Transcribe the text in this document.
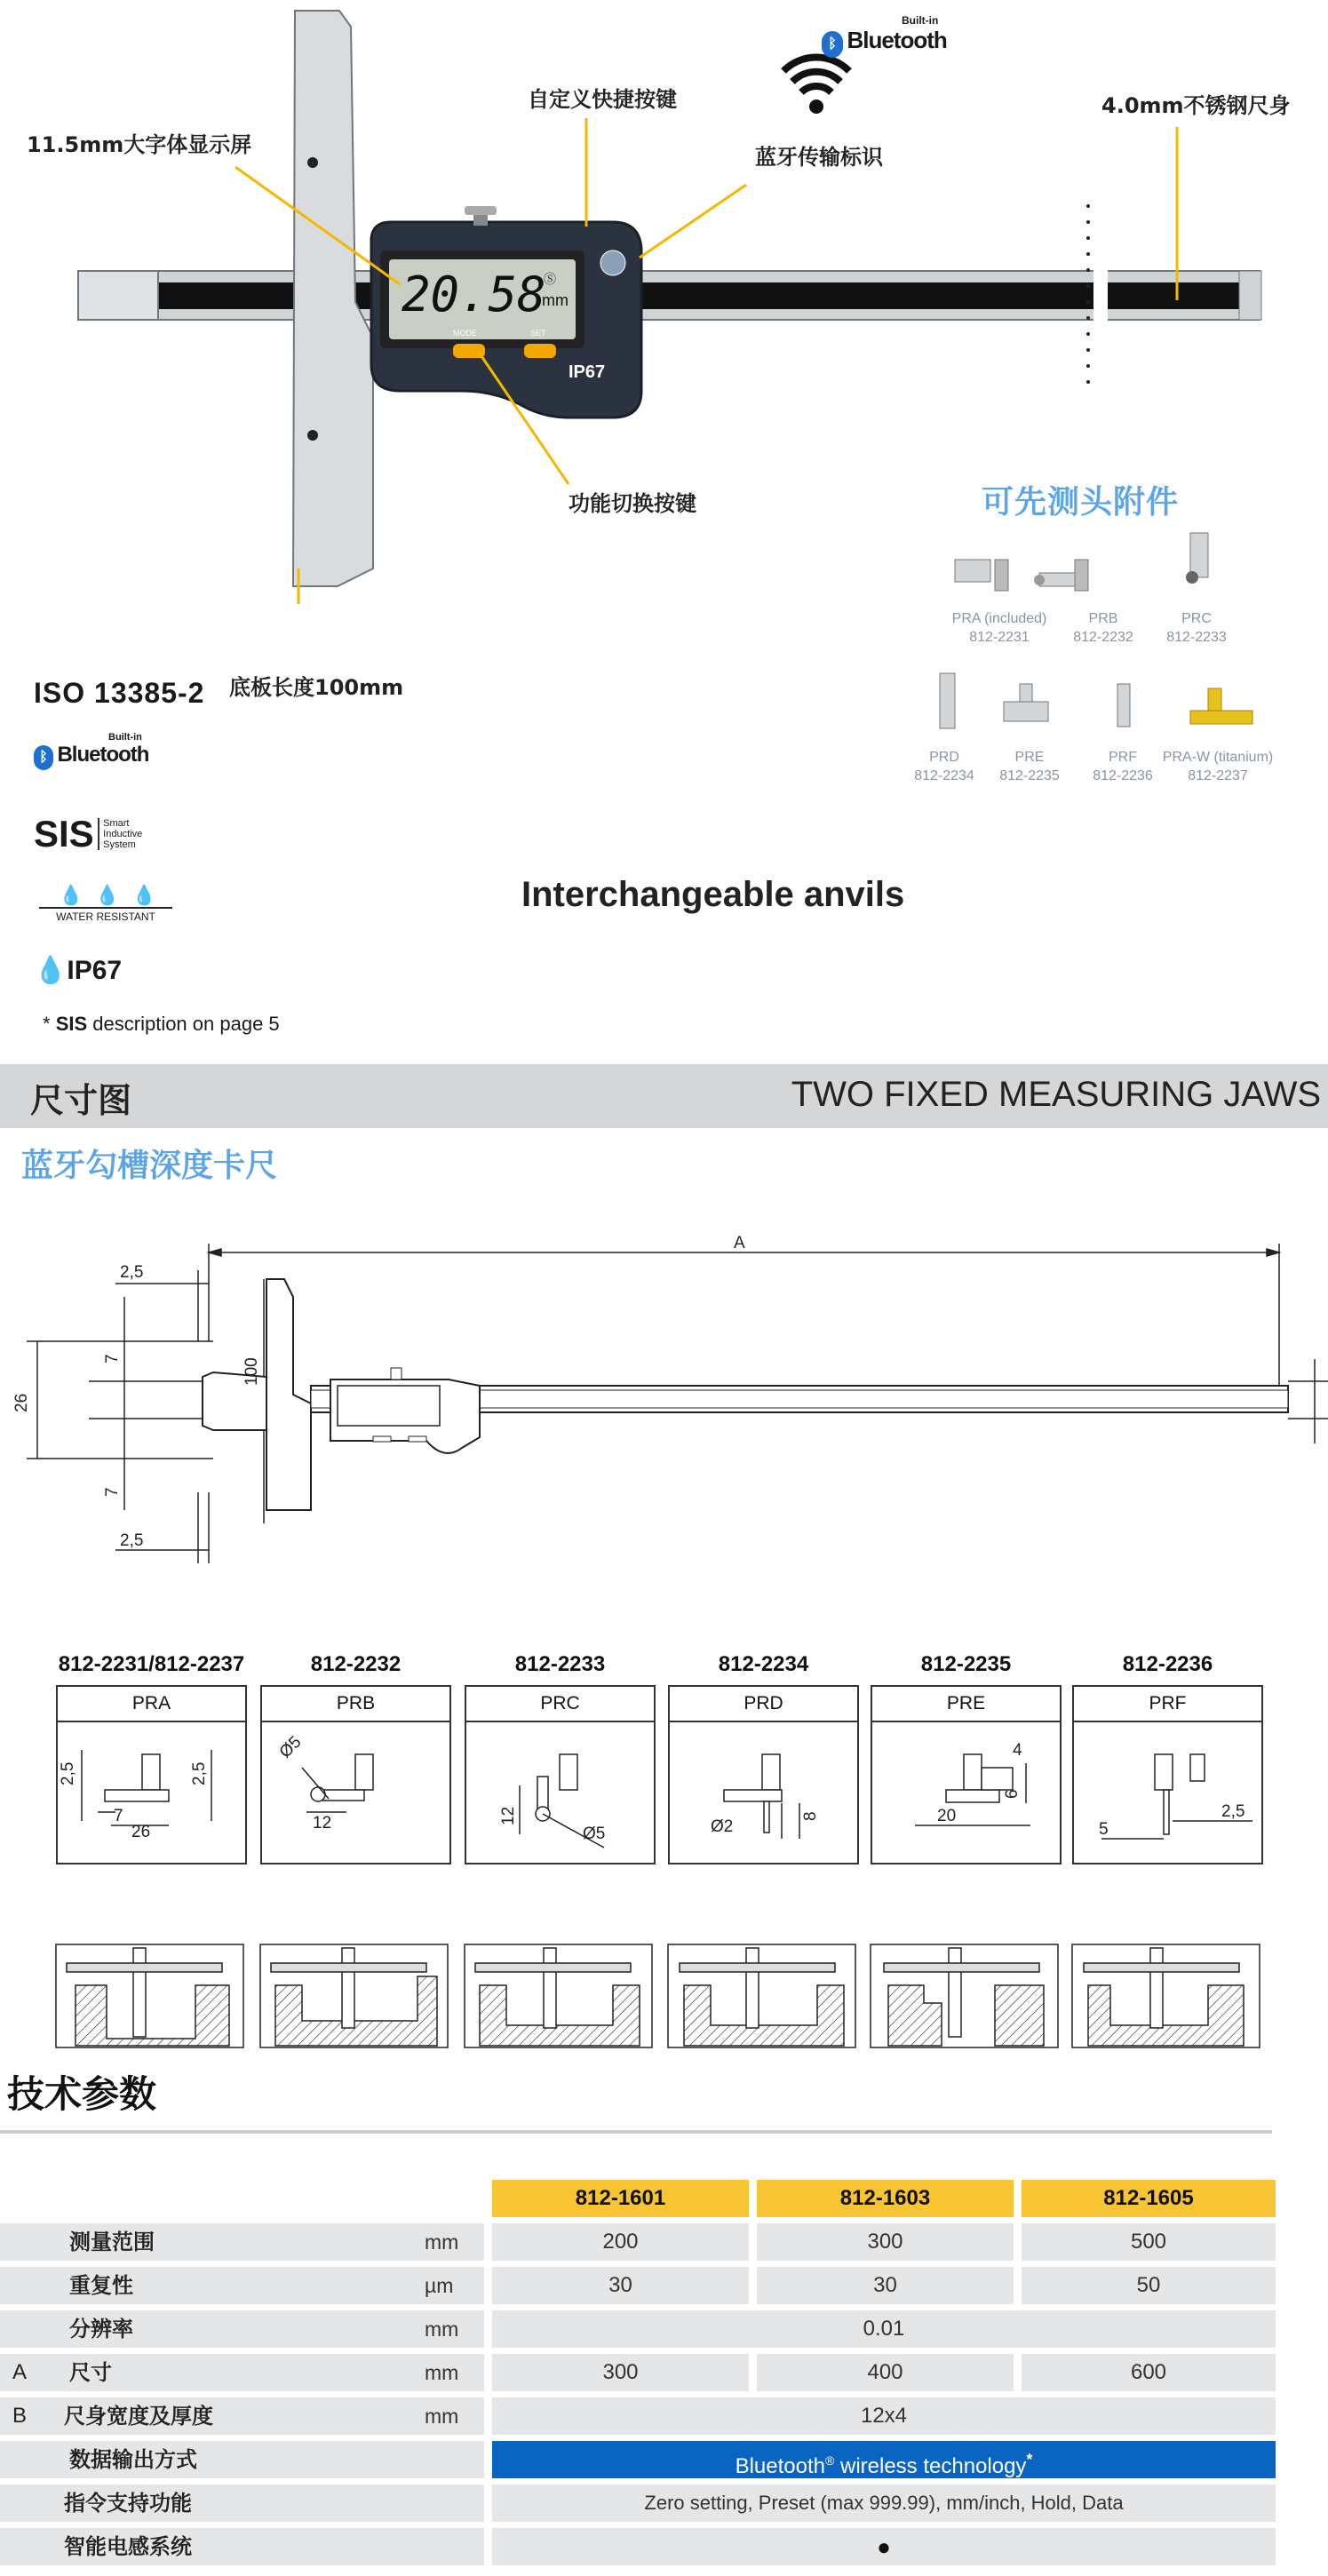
20.58
mm
Ⓢ
MODE	SET
IP67
11.5mm大字体显示屏
自定义快捷按键
蓝牙传输标识
4.0mm不锈钢尺身
功能切换按键
底板长度100mm
Built-in
ᛒ Bluetooth
可先测头附件
PRA (included)
812-2231
PRB
812-2232
PRC
812-2233
PRD
812-2234
PRE
812-2235
PRF
812-2236
PRA-W (titanium)
812-2237
ISO 13385-2
Built-in
ᛒ Bluetooth
SIS Smart
Inductive
System
💧💧💧
WATER RESISTANT
💧IP67
* SIS description on page 5
Interchangeable anvils
尺寸图	TWO FIXED MEASURING JAWS
蓝牙勾槽深度卡尺
A
2,5
2,5
100
26
7
7
812-2231/812-2237	812-2232	812-2233	812-2234	812-2235	812-2236
PRA	PRB	PRC	PRD	PRE	PRF
2,5	2,5
7
26
Ø5
12	12
Ø5	Ø2
8
4
6
20
5
2,5
技术参数
812-1601	812-1603	812-1605
测量范围	mm	200	300	500
重复性	µm	30	30	50
分辨率	mm	0.01
A 尺寸	mm	300	400	600
B 尺身宽度及厚度	mm	12x4
数据输出方式	Bluetooth® wireless technology*
指令支持功能	Zero setting, Preset (max 999.99), mm/inch, Hold, Data
智能电感系统	●
